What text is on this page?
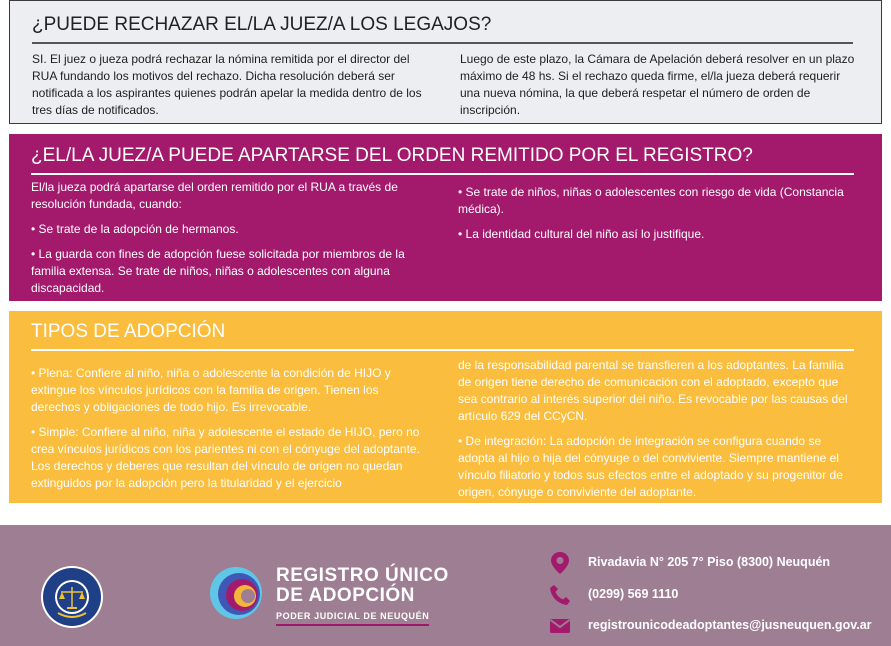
¿PUEDE RECHAZAR EL/LA JUEZ/A LOS LEGAJOS?
SI. El juez o jueza podrá rechazar la nómina remitida por el director del RUA fundando los motivos del rechazo. Dicha resolución deberá ser notificada a los aspirantes quienes podrán apelar la medida dentro de los tres días de notificados.
Luego de este plazo, la Cámara de Apelación deberá resolver en un plazo máximo de 48 hs. Si el rechazo queda firme, el/la jueza deberá requerir una nueva nómina, la que deberá respetar el número de orden de inscripción.
¿EL/LA JUEZ/A PUEDE APARTARSE DEL ORDEN REMITIDO POR EL REGISTRO?

El/la jueza podrá apartarse del orden remitido por el RUA a través de resolución fundada, cuando:

• Se trate de la adopción de hermanos.

• La guarda con fines de adopción fuese solicitada por miembros de la familia extensa. Se trate de niños, niñas o adolescentes con alguna discapacidad.

• Se trate de niños, niñas o adolescentes con riesgo de vida (Constancia médica).

• La identidad cultural del niño así lo justifique.

TIPOS DE ADOPCIÓN

• Plena: Confiere al niño, niña o adolescente la condición de HIJO y extingue los vínculos jurídicos con la familia de origen. Tienen los derechos y obligaciones de todo hijo. Es irrevocable.

• Simple: Confiere al niño, niña y adolescente el estado de HIJO, pero no crea vínculos jurídicos con los parientes ni con el cónyuge del adoptante. Los derechos y deberes que resultan del vínculo de origen no quedan extinguidos por la adopción pero la titularidad y el ejercicio

de la responsabilidad parental se transfieren a los adoptantes. La familia de origen tiene derecho de comunicación con el adoptado, excepto que sea contrario al interés superior del niño. Es revocable por las causas del artículo 629 del CCyCN.

• De integración: La adopción de integración se configura cuando se adopta al hijo o hija del cónyuge o del conviviente. Siempre mantiene el vínculo filiatorio y todos sus efectos entre el adoptado y su progenitor de origen, cónyuge o conviviente del adoptante.

REGISTRO ÚNICO
DE ADOPCIÓN
PODER JUDICIAL DE NEUQUÉN
Rivadavia N° 205 7° Piso (8300) Neuquén
(0299) 569 1110
registrounicodeadoptantes@jusneuquen.gov.ar
